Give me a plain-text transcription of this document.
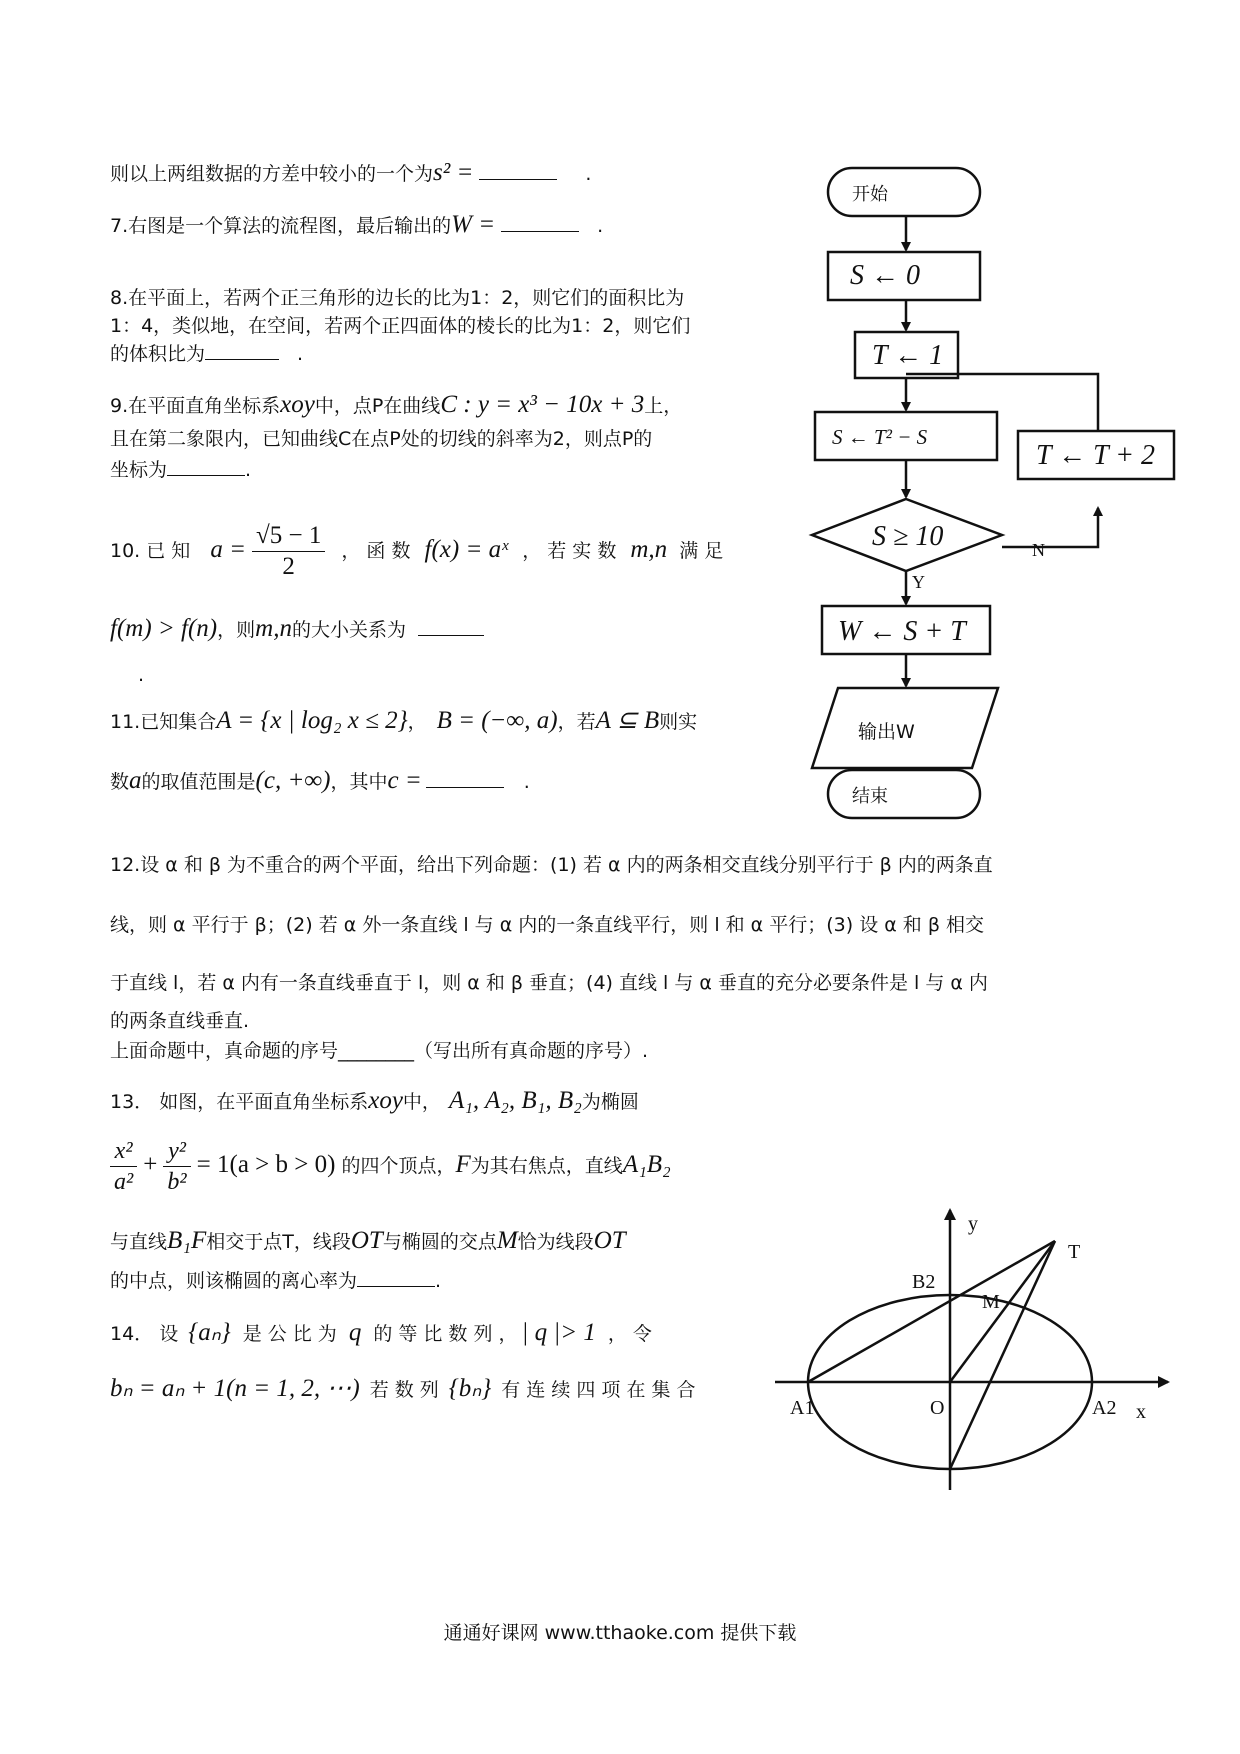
则以上两组数据的方差中较小的一个为s² =	.
7.右图是一个算法的流程图，最后输出的W =	.
8.在平面上，若两个正三角形的边长的比为1：2，则它们的面积比为
1：4，类似地，在空间，若两个正四面体的棱长的比为1：2，则它们
的体积比为	.
9.在平面直角坐标系xoy中，点P在曲线C : y = x³ − 10x + 3上，
且在第二象限内，已知曲线C在点P处的切线的斜率为2，则点P的
坐标为	.
10. 已 知 $a = \frac{√5 - 1}{2}$ ， 函 数 f(x) = aˣ ， 若 实 数 m,n 满 足
f(m) > f(n)，则m,n的大小关系为
.
11.已知集合A = {x | log₂ x ≤ 2}， B = (−∞, a)，若A ⊆ B则实
数a的取值范围是(c, +∞)，其中c =	.
12.设 α 和 β 为不重合的两个平面，给出下列命题：(1) 若 α 内的两条相交直线分别平行于 β 内的两条直
线，则 α 平行于 β；(2) 若 α 外一条直线 l 与 α 内的一条直线平行，则 l 和 α 平行；(3) 设 α 和 β 相交
于直线 l，若 α 内有一条直线垂直于 l，则 α 和 β 垂直；(4) 直线 l 与 α 垂直的充分必要条件是 l 与 α 内
的两条直线垂直.
上面命题中，真命题的序号________（写出所有真命题的序号）.
13． 如图，在平面直角坐标系xoy中， A₁, A₂, B₁, B₂为椭圆
$\frac{\text{x²}}{\text{a²}} + \frac{\text{y²}}{\text{b²}} = 1(a > b > 0)$ 的四个顶点，F为其右焦点，直线A₁B₂
与直线B₁F相交于点T，线段OT与椭圆的交点M恰为线段OT
的中点，则该椭圆的离心率为	.
14． 设 {aₙ} 是 公 比 为 q 的 等 比 数 列 ， | q |> 1 ， 令
bₙ = aₙ + 1(n = 1, 2, ⋯) 若 数 列 {bₙ} 有 连 续 四 项 在 集 合
开始
S ← 0
T ← 1
S ← T² − S
T ← T + 2
S ≥ 10	N
Y
W ← S + T
输出W
结束
y
x
T
B2
M
A1	O	A2
通通好课网 www.tthaoke.com 提供下载
